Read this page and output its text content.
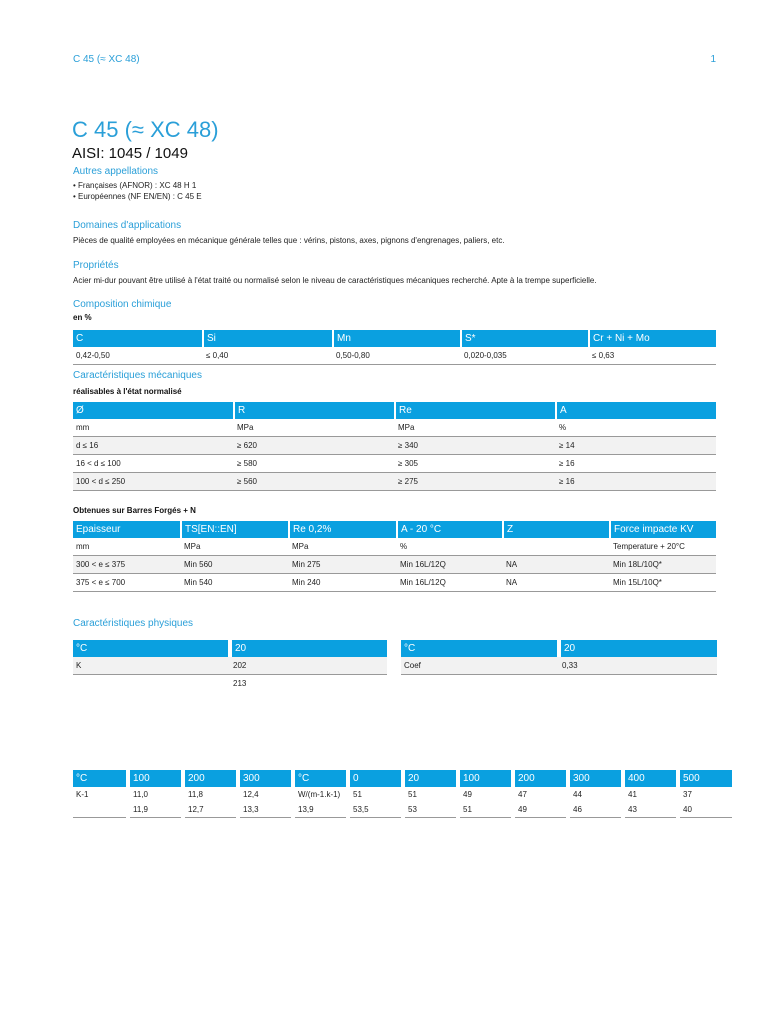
C 45 (≈ XC 48)	1
C 45 (≈ XC 48)
AISI: 1045 / 1049
Autres appellations
• Françaises (AFNOR) : XC 48 H 1
• Européennes (NF EN/EN) : C 45 E
Domaines d'applications
Pièces de qualité employées en mécanique générale telles que : vérins, pistons, axes, pignons d'engrenages, paliers, etc.
Propriétés
Acier mi-dur pouvant être utilisé à l'état traité ou normalisé selon le niveau de caractéristiques mécaniques recherché. Apte à la trempe superficielle.
Composition chimique
en %
C	Si	Mn	S*	Cr + Ni + Mo
0,42-0,50	≤ 0,40	0,50-0,80	0,020-0,035	≤ 0,63
Caractéristiques mécaniques
réalisables à l'état normalisé
Ø	R	Re	A
mm	MPa	MPa	%
d ≤ 16	≥ 620	≥ 340	≥ 14
16 < d ≤ 100	≥ 580	≥ 305	≥ 16
100 < d ≤ 250	≥ 560	≥ 275	≥ 16
Obtenues sur Barres Forgés + N
Epaisseur	TS[EN::EN]	Re 0,2%	A - 20 °C	Z	Force impacte KV
mm	MPa	MPa	%		Temperature + 20°C
300 < e ≤ 375	Min 560	Min 275	Min 16L/12Q	NA	Min 18L/10Q*
375 < e ≤ 700	Min 540	Min 240	Min 16L/12Q	NA	Min 15L/10Q*
Caractéristiques physiques
°C	20
K	202
	213
°C	20
Coef	0,33
°C	100	200	300	°C	0	20	100	200	300	400	500
K-1	11,0	11,8	12,4	W/(m-1.k-1)	51	51	49	47	44	41	37
	11,9	12,7	13,3	13,9	53,5	53	51	49	46	43	40
